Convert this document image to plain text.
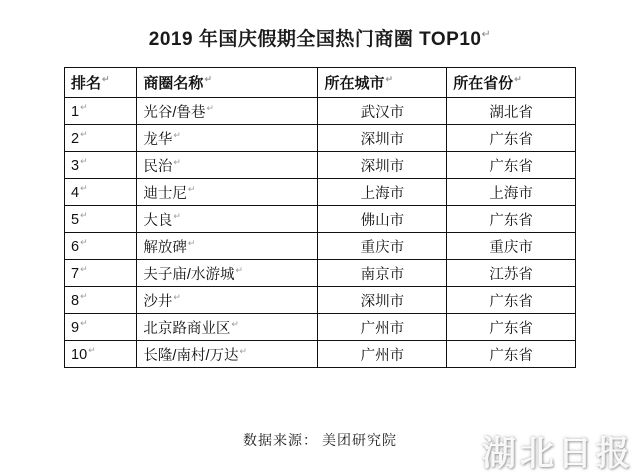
2019 年国庆假期全国热门商圈 TOP10↵
排名↵	商圈名称↵	所在城市↵	所在省份↵
1↵	光谷/鲁巷↵	武汉市	湖北省
2↵	龙华↵	深圳市	广东省
3↵	民治↵	深圳市	广东省
4↵	迪士尼↵	上海市	上海市
5↵	大良↵	佛山市	广东省
6↵	解放碑↵	重庆市	重庆市
7↵	夫子庙/水游城↵	南京市	江苏省
8↵	沙井↵	深圳市	广东省
9↵	北京路商业区↵	广州市	广东省
10↵	长隆/南村/万达↵	广州市	广东省
数据来源： 美团研究院	湖北日报
